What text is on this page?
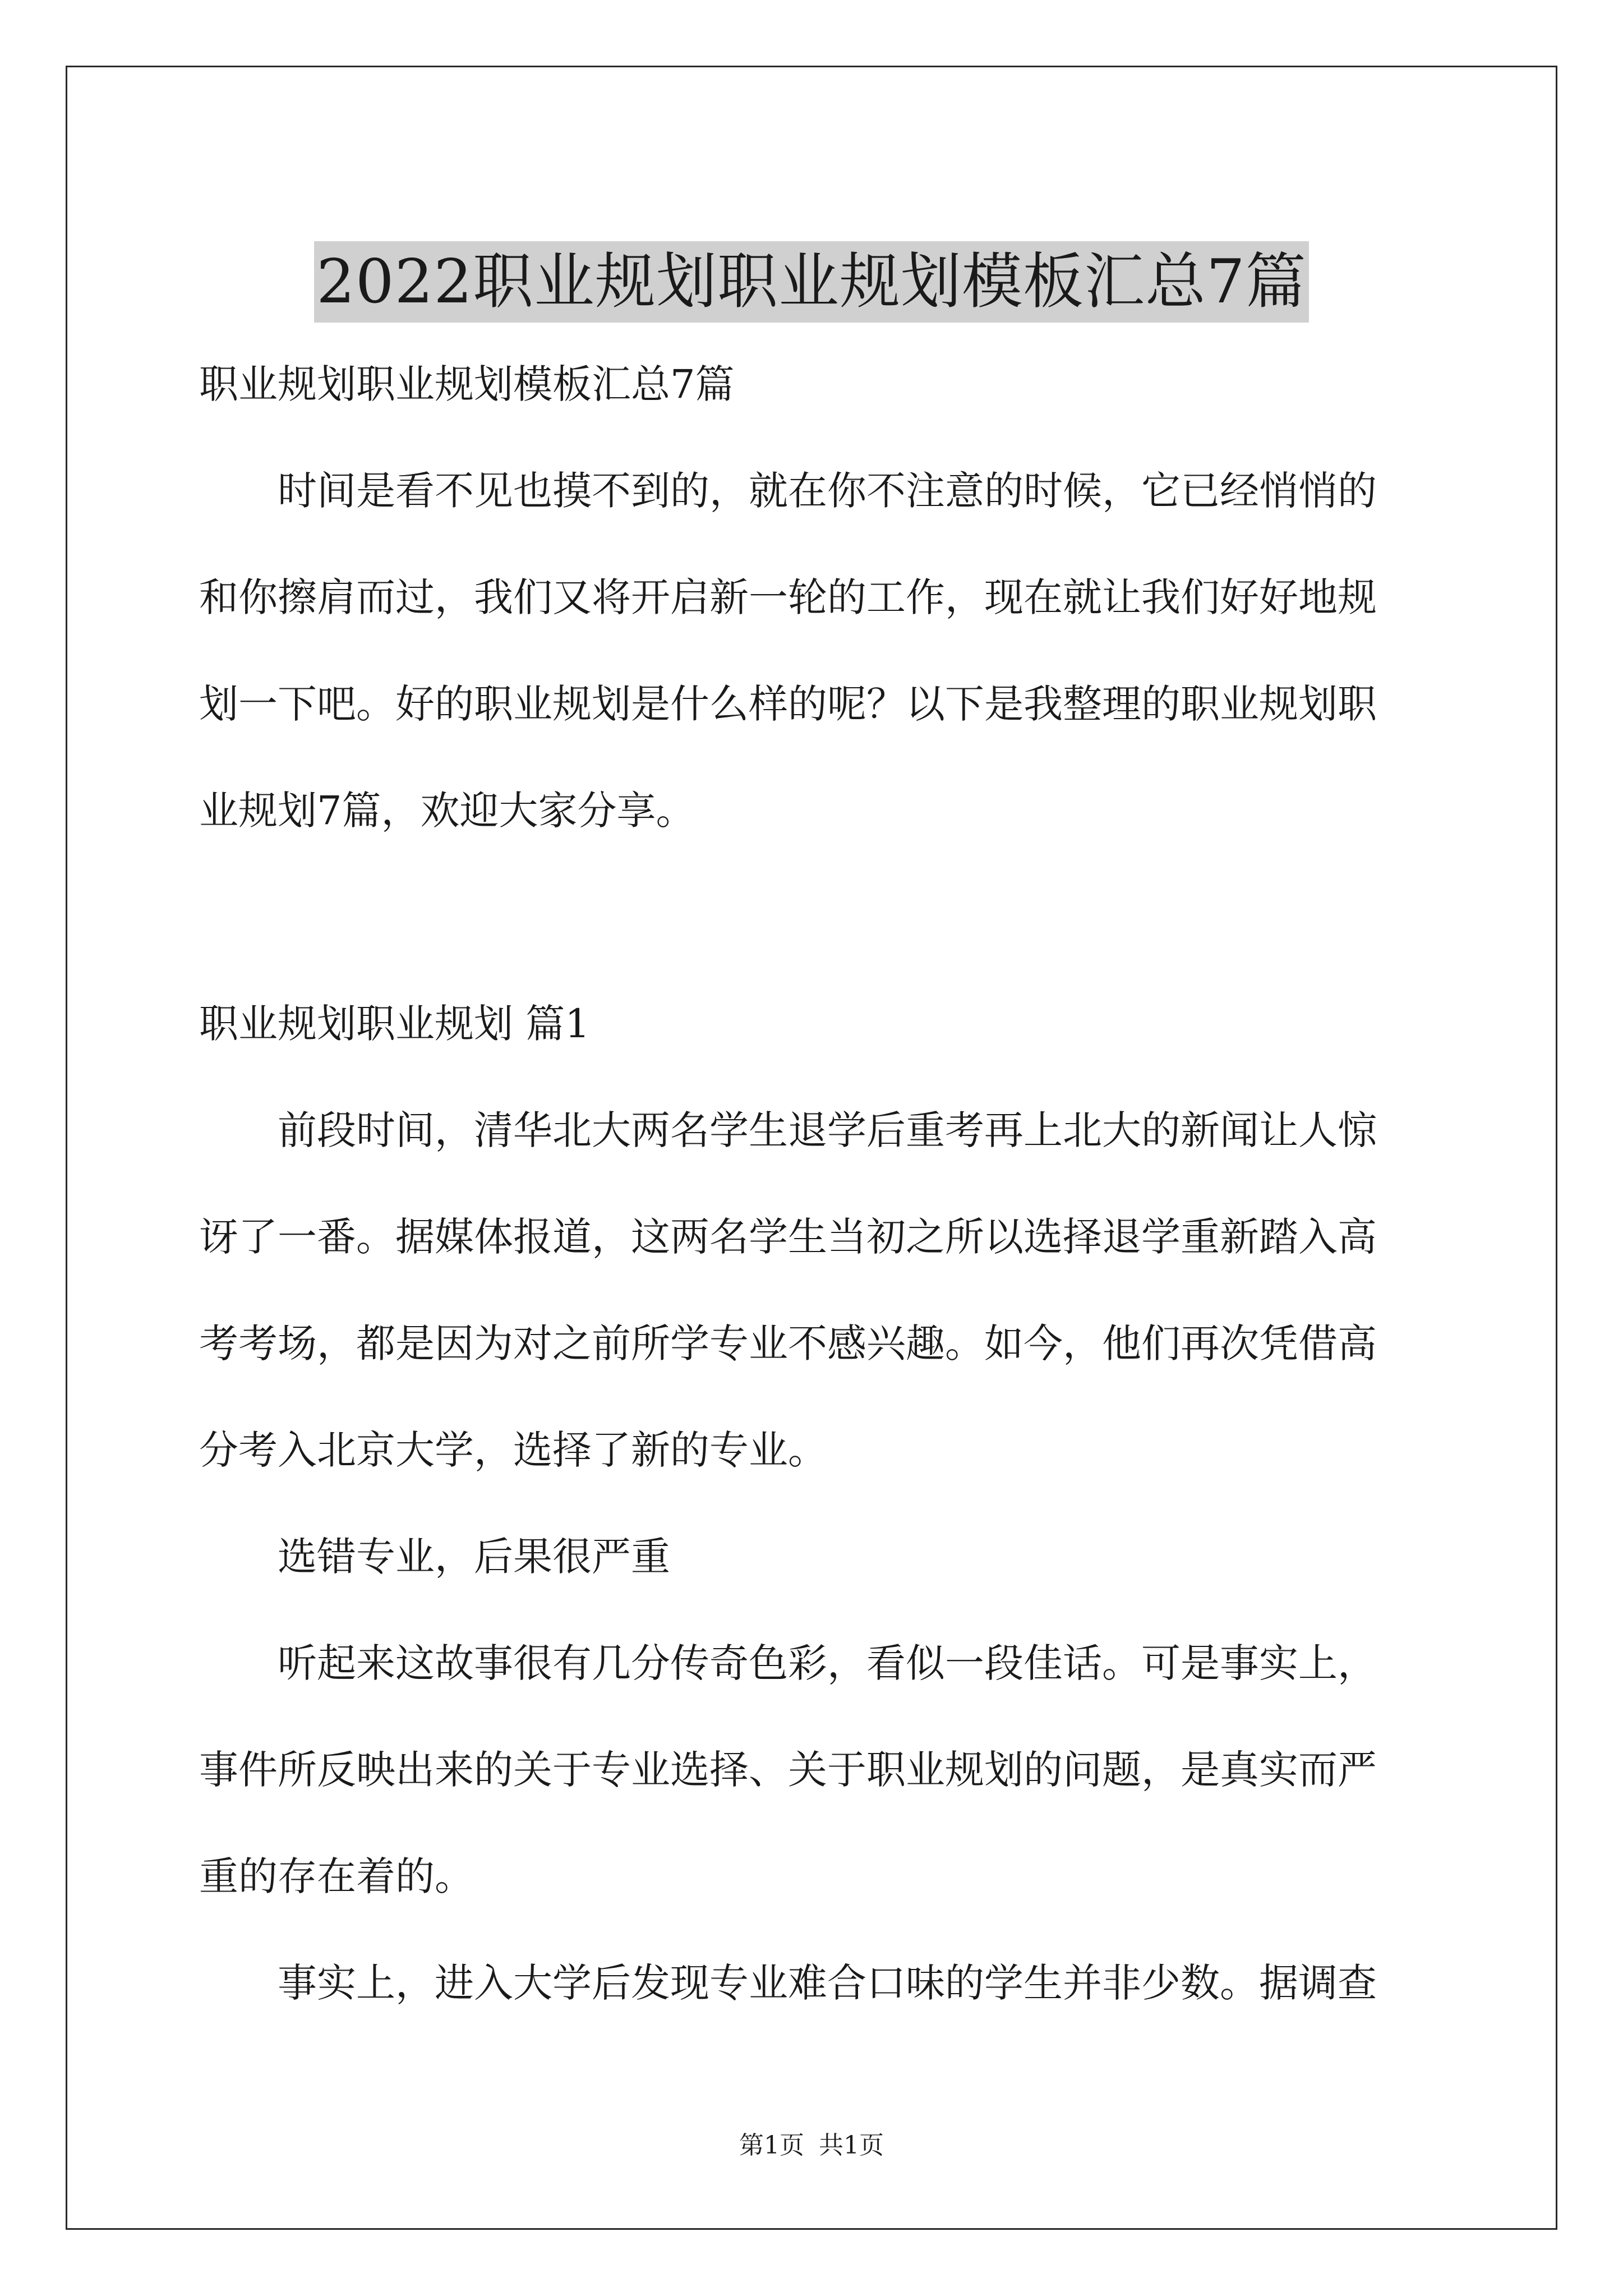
2022职业规划职业规划模板汇总7篇

职业规划职业规划模板汇总7篇

时间是看不见也摸不到的，就在你不注意的时候，它已经悄悄的

和你擦肩而过，我们又将开启新一轮的工作，现在就让我们好好地规

划一下吧。好的职业规划是什么样的呢？以下是我整理的职业规划职

业规划7篇，欢迎大家分享。

职业规划职业规划 篇1

前段时间，清华北大两名学生退学后重考再上北大的新闻让人惊

讶了一番。据媒体报道，这两名学生当初之所以选择退学重新踏入高

考考场，都是因为对之前所学专业不感兴趣。如今，他们再次凭借高

分考入北京大学，选择了新的专业。

选错专业，后果很严重

听起来这故事很有几分传奇色彩，看似一段佳话。可是事实上，

事件所反映出来的关于专业选择、关于职业规划的问题，是真实而严

重的存在着的。

事实上，进入大学后发现专业难合口味的学生并非少数。据调查

第1页 共1页
